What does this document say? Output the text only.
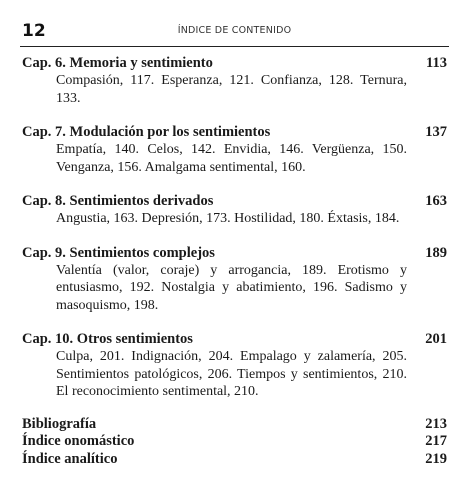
12	ÍNDICE DE CONTENIDO
Cap. 6. Memoria y sentimiento	113
Compasión, 117. Esperanza, 121. Confianza, 128. Ternura, 133.
Cap. 7. Modulación por los sentimientos	137
Empatía, 140. Celos, 142. Envidia, 146. Vergüenza, 150. Venganza, 156. Amalgama sentimental, 160.
Cap. 8. Sentimientos derivados	163
Angustia, 163. Depresión, 173. Hostilidad, 180. Éxtasis, 184.
Cap. 9. Sentimientos complejos	189
Valentía (valor, coraje) y arrogancia, 189. Erotismo y entusiasmo, 192. Nostalgia y abatimiento, 196. Sadismo y masoquismo, 198.
Cap. 10. Otros sentimientos	201
Culpa, 201. Indignación, 204. Empalago y zalamería, 205. Sentimientos patológicos, 206. Tiempos y sentimientos, 210. El reconocimiento sentimental, 210.
Bibliografía	213
Índice onomástico	217
Índice analítico	219
